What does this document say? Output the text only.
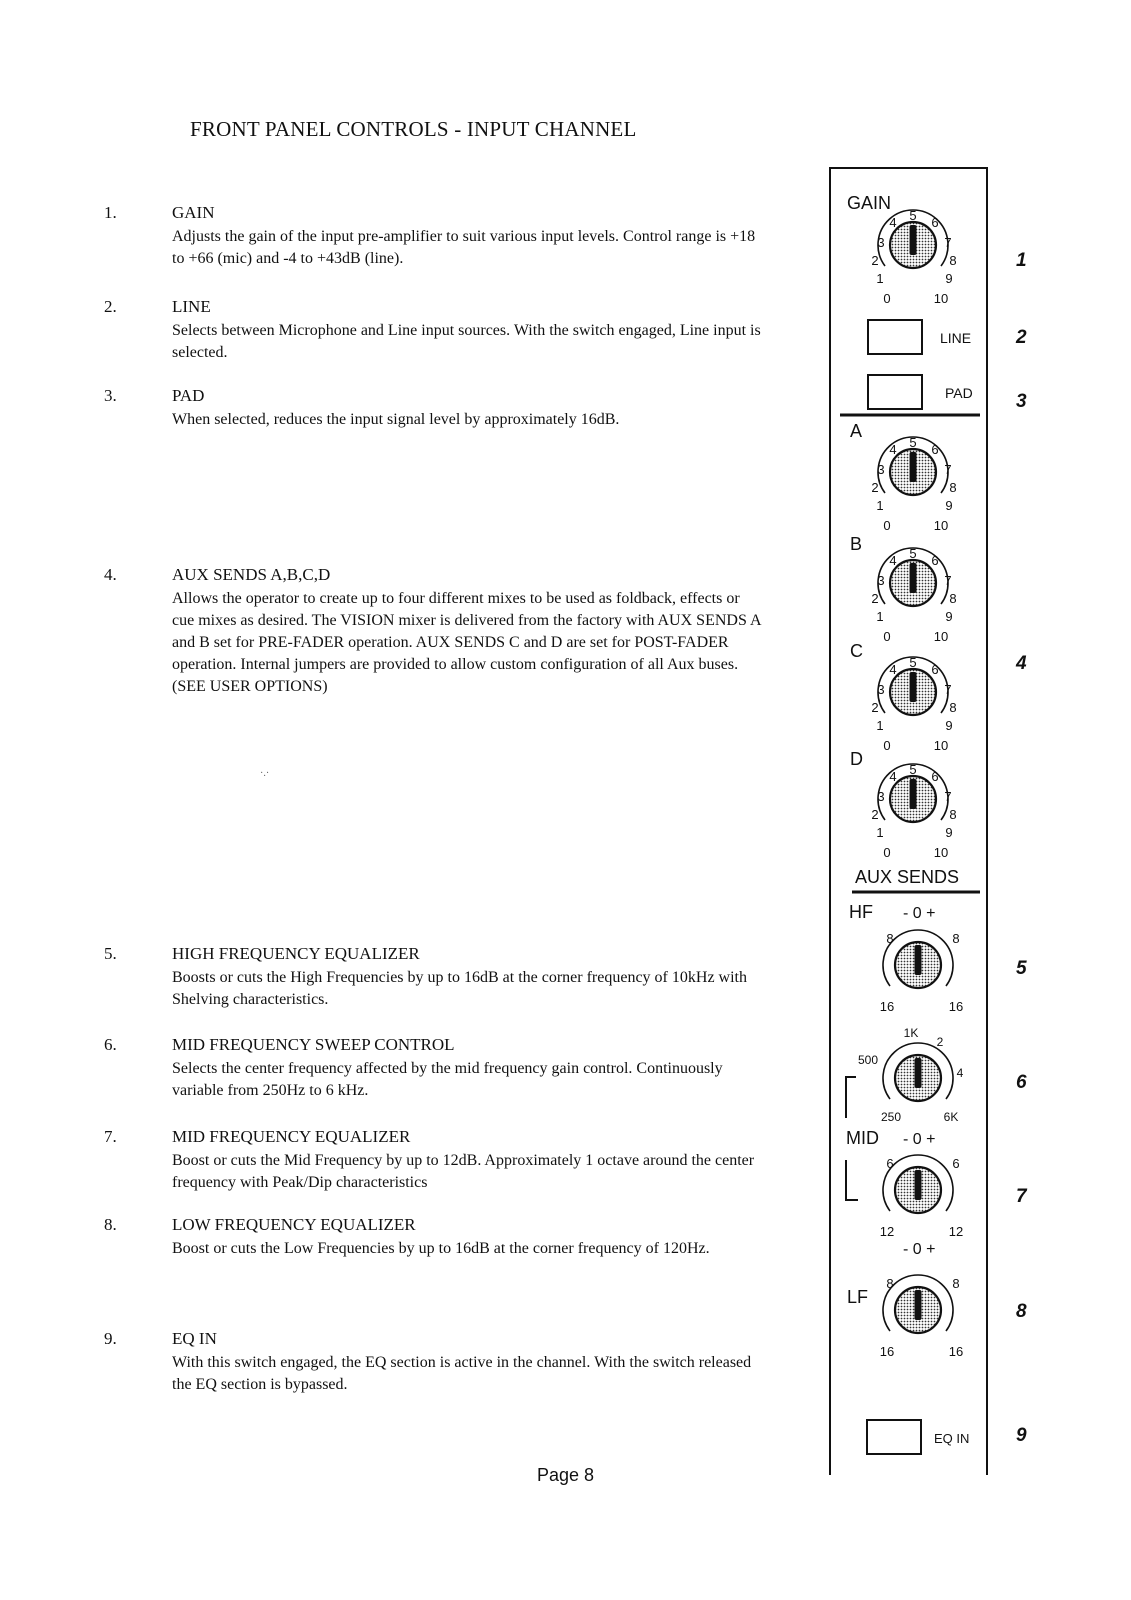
FRONT PANEL CONTROLS - INPUT CHANNEL
1.	GAIN
Adjusts the gain of the input pre-amplifier to suit various input levels. Control range is +18 to +66 (mic) and -4 to +43dB (line).
2.	LINE
Selects between Microphone and Line input sources. With the switch engaged, Line input is selected.
3.	PAD
When selected, reduces the input signal level by approximately 16dB.
4.	AUX SENDS A,B,C,D
Allows the operator to create up to four different mixes to be used as foldback, effects or cue mixes as desired. The VISION mixer is delivered from the factory with AUX SENDS A and B set for PRE-FADER operation. AUX SENDS C and D are set for POST-FADER operation. Internal jumpers are provided to allow custom configuration of all Aux buses.(SEE USER OPTIONS)
5.	HIGH FREQUENCY EQUALIZER
Boosts or cuts the High Frequencies by up to 16dB at the corner frequency of 10kHz with Shelving characteristics.
6.	MID FREQUENCY SWEEP CONTROL
Selects the center frequency affected by the mid frequency gain control. Continuously variable from 250Hz to 6 kHz.
7.	MID FREQUENCY EQUALIZER
Boost or cuts the Mid Frequency by up to 12dB. Approximately 1 octave around the center frequency with Peak/Dip characteristics
8.	LOW FREQUENCY EQUALIZER
Boost or cuts the Low Frequencies by up to 16dB at the corner frequency of 120Hz.
9.	EQ IN
With this switch engaged, the EQ section is active in the channel. With the switch released the EQ section is bypassed.
·.·
Page 8
GAIN
0
1
2
3
4 5 6
7
8
9
10
LINE
PAD
A
0
1
2
3
4 5 6
7
8
9
10
B
0
1
2
3
4 5 6
7
8
9
10
C
0
1
2
3
4 5 6
7
8
9
10
D
0
1
2
3
4 5 6
7
8
9
10
AUX SENDS
HF - 0 +
16
8	8
16
250
500
1K
2
4
6K
MID - 0 +
12
6	6
12
- 0 +
LF
16
8	8
16
EQ IN
1
2
3
4
5
6
7
8
9
